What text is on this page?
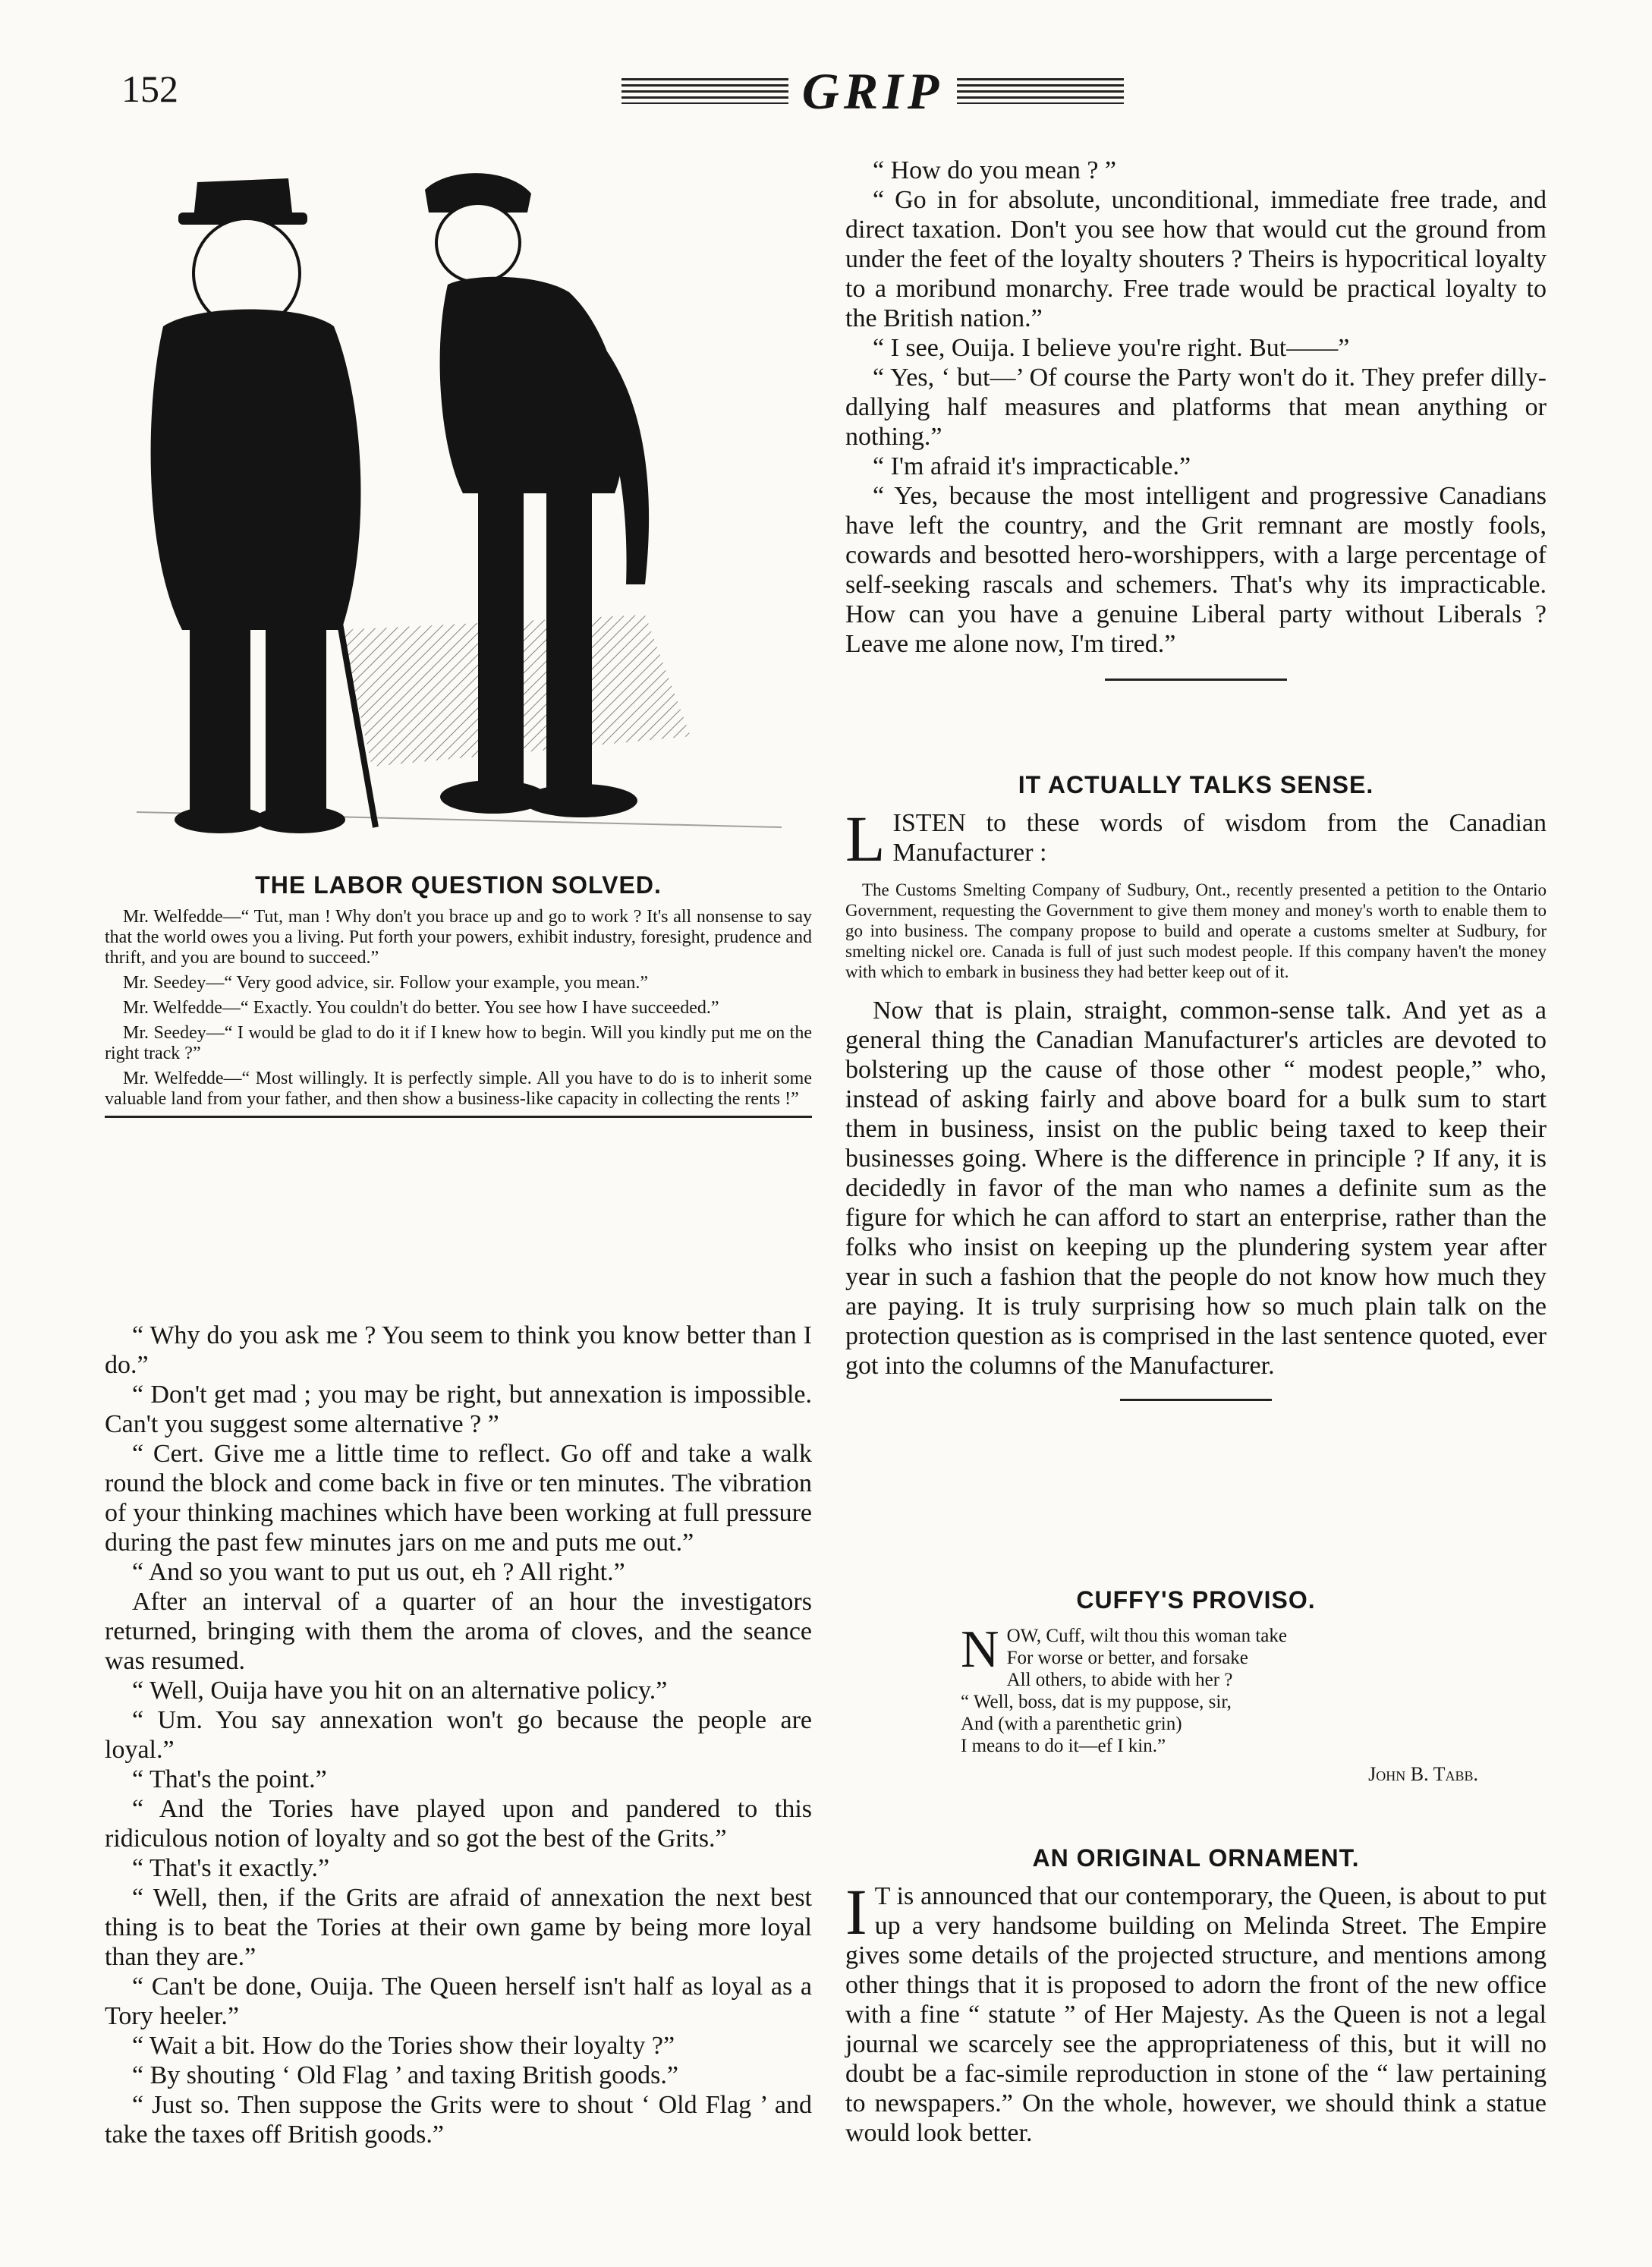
152	GRIP
THE LABOR QUESTION SOLVED.

Mr. Welfedde—“ Tut, man ! Why don't you brace up and go to work ? It's all nonsense to say that the world owes you a living. Put forth your powers, exhibit industry, foresight, prudence and thrift, and you are bound to succeed.”

Mr. Seedey—“ Very good advice, sir. Follow your example, you mean.”

Mr. Welfedde—“ Exactly. You couldn't do better. You see how I have succeeded.”

Mr. Seedey—“ I would be glad to do it if I knew how to begin. Will you kindly put me on the right track ?”

Mr. Welfedde—“ Most willingly. It is perfectly simple. All you have to do is to inherit some valuable land from your father, and then show a business-like capacity in collecting the rents !”

“ Why do you ask me ? You seem to think you know better than I do.”

“ Don't get mad ; you may be right, but annexation is impossible. Can't you suggest some alternative ? ”

“ Cert. Give me a little time to reflect. Go off and take a walk round the block and come back in five or ten minutes. The vibration of your thinking machines which have been working at full pressure during the past few minutes jars on me and puts me out.”

“ And so you want to put us out, eh ? All right.”

After an interval of a quarter of an hour the investigators returned, bringing with them the aroma of cloves, and the seance was resumed.

“ Well, Ouija have you hit on an alternative policy.”

“ Um. You say annexation won't go because the people are loyal.”

“ That's the point.”

“ And the Tories have played upon and pandered to this ridiculous notion of loyalty and so got the best of the Grits.”

“ That's it exactly.”

“ Well, then, if the Grits are afraid of annexation the next best thing is to beat the Tories at their own game by being more loyal than they are.”

“ Can't be done, Ouija. The Queen herself isn't half as loyal as a Tory heeler.”

“ Wait a bit. How do the Tories show their loyalty ?”

“ By shouting ‘ Old Flag ’ and taxing British goods.”

“ Just so. Then suppose the Grits were to shout ‘ Old Flag ’ and take the taxes off British goods.”

“ How do you mean ? ”

“ Go in for absolute, unconditional, immediate free trade, and direct taxation. Don't you see how that would cut the ground from under the feet of the loyalty shouters ? Theirs is hypocritical loyalty to a moribund monarchy. Free trade would be practical loyalty to the British nation.”

“ I see, Ouija. I believe you're right. But——”

“ Yes, ‘ but—’ Of course the Party won't do it. They prefer dilly-dallying half measures and platforms that mean anything or nothing.”

“ I'm afraid it's impracticable.”

“ Yes, because the most intelligent and progressive Canadians have left the country, and the Grit remnant are mostly fools, cowards and besotted hero-worshippers, with a large percentage of self-seeking rascals and schemers. That's why its impracticable. How can you have a genuine Liberal party without Liberals ? Leave me alone now, I'm tired.”

IT ACTUALLY TALKS SENSE.

LISTEN to these words of wisdom from the Canadian Manufacturer :

The Customs Smelting Company of Sudbury, Ont., recently presented a petition to the Ontario Government, requesting the Government to give them money and money's worth to enable them to go into business. The company propose to build and operate a customs smelter at Sudbury, for smelting nickel ore. Canada is full of just such modest people. If this company haven't the money with which to embark in business they had better keep out of it.

Now that is plain, straight, common-sense talk. And yet as a general thing the Canadian Manufacturer's articles are devoted to bolstering up the cause of those other “ modest people,” who, instead of asking fairly and above board for a bulk sum to start them in business, insist on the public being taxed to keep their businesses going. Where is the difference in principle ? If any, it is decidedly in favor of the man who names a definite sum as the figure for which he can afford to start an enterprise, rather than the folks who insist on keeping up the plundering system year after year in such a fashion that the people do not know how much they are paying. It is truly surprising how so much plain talk on the protection question as is comprised in the last sentence quoted, ever got into the columns of the Manufacturer.

CUFFY'S PROVISO.
N OW, Cuff, wilt thou this woman take
For worse or better, and forsake
All others, to abide with her ?
“ Well, boss, dat is my puppose, sir,
And (with a parenthetic grin)
I means to do it—ef I kin.”

John B. Tabb.
AN ORIGINAL ORNAMENT.

I T is announced that our contemporary, the Queen, is about to put up a very handsome building on Melinda Street. The Empire gives some details of the projected structure, and mentions among other things that it is proposed to adorn the front of the new office with a fine “ statute ” of Her Majesty. As the Queen is not a legal journal we scarcely see the appropriateness of this, but it will no doubt be a fac-simile reproduction in stone of the “ law pertaining to newspapers.” On the whole, however, we should think a statue would look better.
